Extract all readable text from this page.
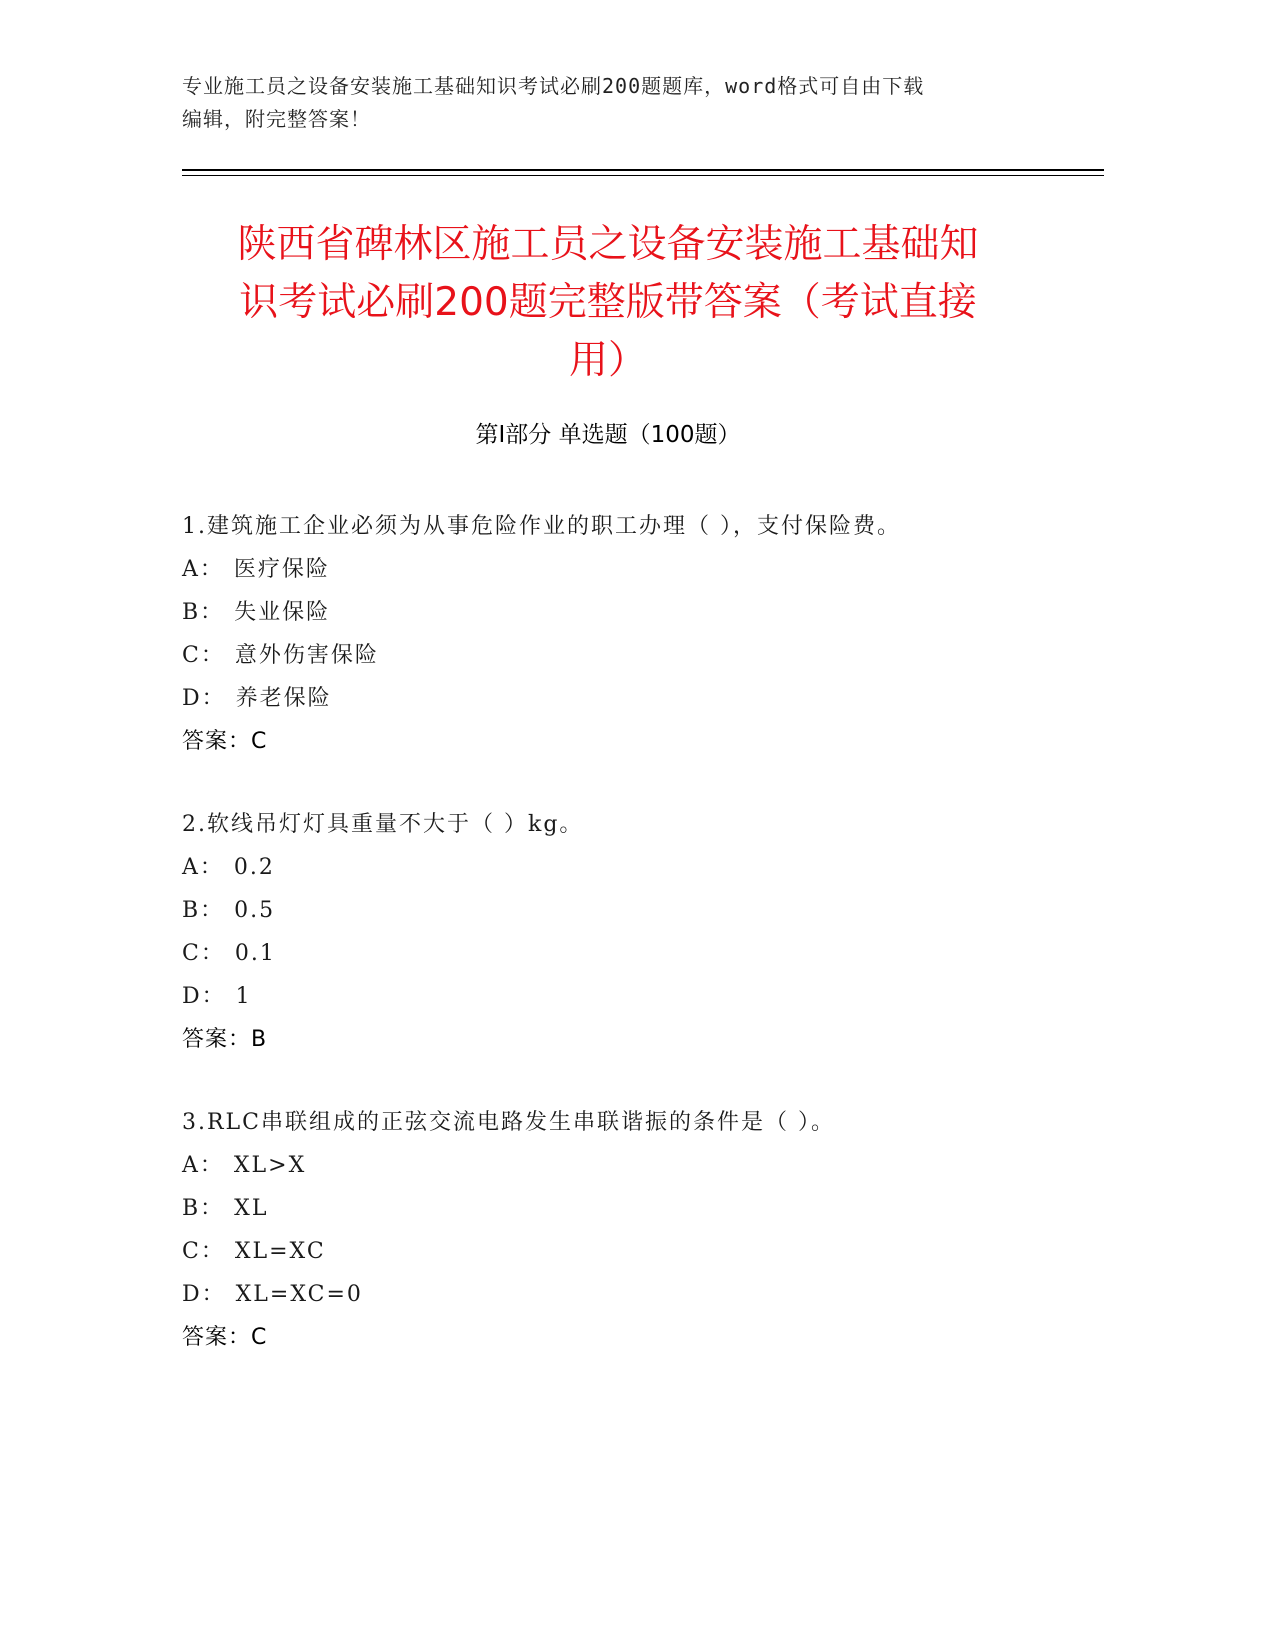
专业施工员之设备安装施工基础知识考试必刷200题题库，word格式可自由下载
编辑，附完整答案！
陕西省碑林区施工员之设备安装施工基础知
识考试必刷200题完整版带答案（考试直接
用）
第Ⅰ部分 单选题（100题）
1.建筑施工企业必须为从事危险作业的职工办理（ ），支付保险费。
A： 医疗保险
B： 失业保险
C： 意外伤害保险
D： 养老保险
答案：C
2.软线吊灯灯具重量不大于（ ）kg。
A： 0.2
B： 0.5
C： 0.1
D： 1
答案：B
3.RLC串联组成的正弦交流电路发生串联谐振的条件是（ ）。
A： XL>X
B： XL
C： XL=XC
D： XL=XC=0
答案：C
